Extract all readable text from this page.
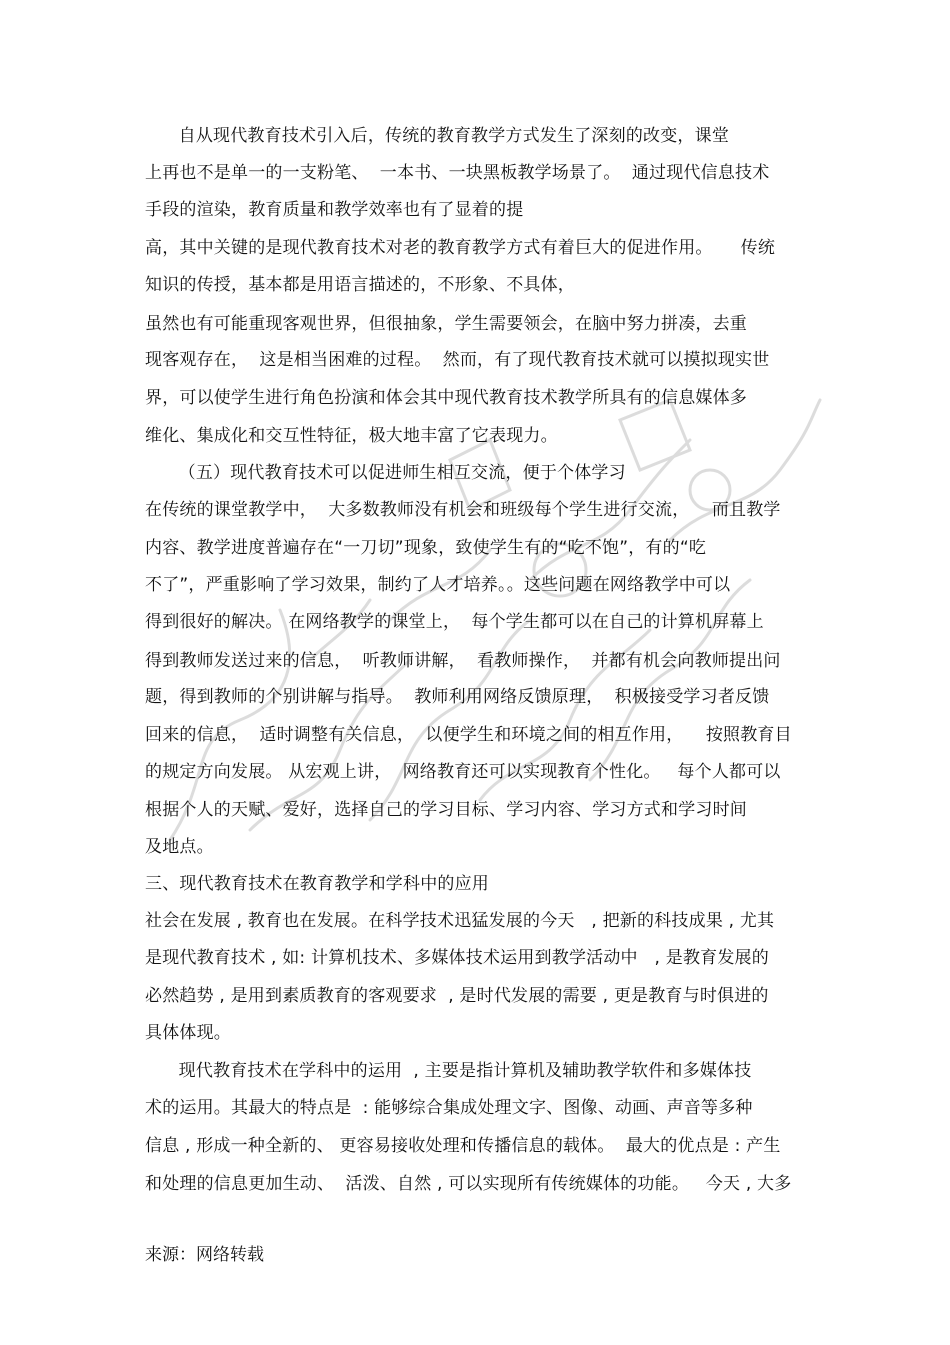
自从现代教育技术引入后，传统的教育教学方式发生了深刻的改变，课堂
上再也不是单一的一支粉笔、  一本书、一块黑板教学场景了。  通过现代信息技术
手段的渲染，教育质量和教学效率也有了显着的提
高，其中关键的是现代教育技术对老的教育教学方式有着巨大的促进作用。     传统
知识的传授，基本都是用语言描述的，不形象、不具体，
虽然也有可能重现客观世界，但很抽象，学生需要领会，在脑中努力拼凑，去重
现客观存在，  这是相当困难的过程。  然而，有了现代教育技术就可以摸拟现实世
界，可以使学生进行角色扮演和体会其中现代教育技术教学所具有的信息媒体多
维化、集成化和交互性特征，极大地丰富了它表现力。
（五）现代教育技术可以促进师生相互交流，便于个体学习
在传统的课堂教学中，  大多数教师没有机会和班级每个学生进行交流，    而且教学
内容、教学进度普遍存在“一刀切”现象，致使学生有的“吃不饱”，有的“吃
不了”，严重影响了学习效果，制约了人才培养。。这些问题在网络教学中可以
得到很好的解决。 在网络教学的课堂上，  每个学生都可以在自己的计算机屏幕上
得到教师发送过来的信息，  听教师讲解，  看教师操作，  并都有机会向教师提出问
题，得到教师的个别讲解与指导。  教师利用网络反馈原理，  积极接受学习者反馈
回来的信息，  适时调整有关信息，  以便学生和环境之间的相互作用，    按照教育目
的规定方向发展。 从宏观上讲，  网络教育还可以实现教育个性化。   每个人都可以
根据个人的天赋、爱好，选择自己的学习目标、学习内容、学习方式和学习时间
及地点。
三、现代教育技术在教育教学和学科中的应用
社会在发展 , 教育也在发展。在科学技术迅猛发展的今天   , 把新的科技成果 , 尤其
是现代教育技术 , 如: 计算机技术、多媒体技术运用到教学活动中   , 是教育发展的
必然趋势 , 是用到素质教育的客观要求  , 是时代发展的需要 , 更是教育与时俱进的
具体体现。
现代教育技术在学科中的运用  , 主要是指计算机及辅助教学软件和多媒体技
术的运用。其最大的特点是  : 能够综合集成处理文字、图像、动画、声音等多种
信息 , 形成一种全新的、 更容易接收处理和传播信息的载体。  最大的优点是 : 产生
和处理的信息更加生动、  活泼、自然 , 可以实现所有传统媒体的功能。   今天 , 大多
来源：网络转载
